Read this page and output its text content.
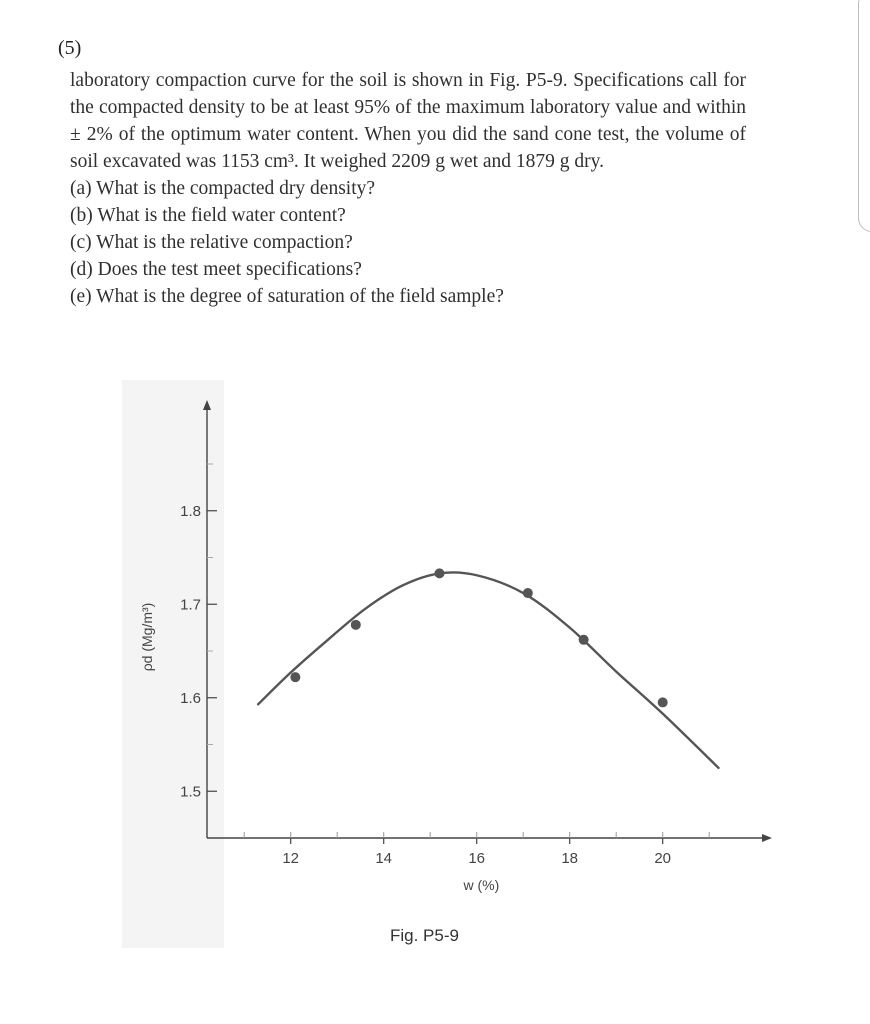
(5)
laboratory compaction curve for the soil is shown in Fig. P5-9. Specifications call for the compacted density to be at least 95% of the maximum laboratory value and within ± 2% of the optimum water content. When you did the sand cone test, the volume of soil excavated was 1153 cm³. It weighed 2209 g wet and 1879 g dry.
(a) What is the compacted dry density?
(b) What is the field water content?
(c) What is the relative compaction?
(d) Does the test meet specifications?
(e) What is the degree of saturation of the field sample?
12	14	16	18	20
1.5
1.6
1.7
1.8
w (%)
ρd (Mg/m³)
Fig. P5-9
